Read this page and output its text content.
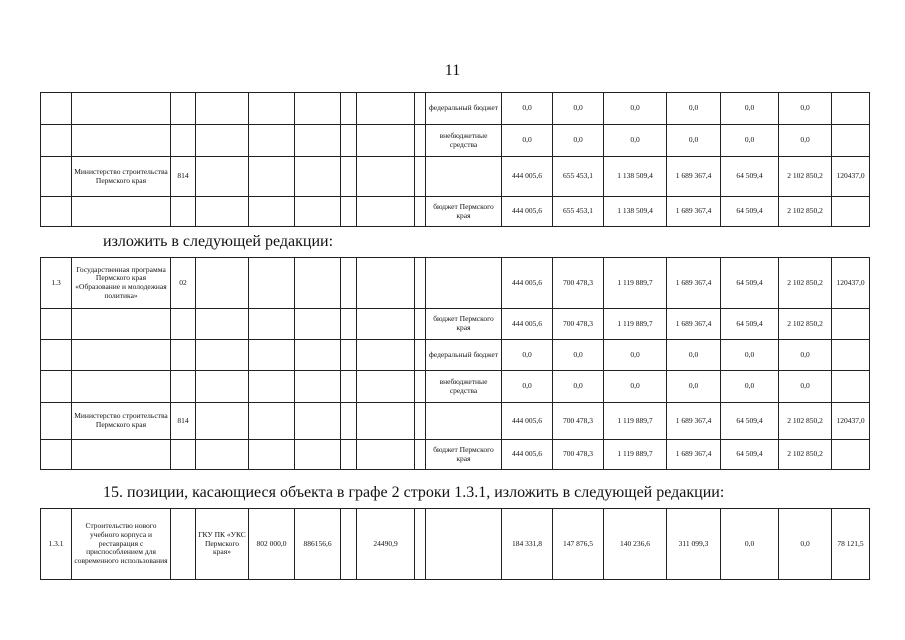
11
									федеральный бюджет	0,0	0,0	0,0	0,0	0,0	0,0	
									внебюджетные средства	0,0	0,0	0,0	0,0	0,0	0,0	
	Министерство строительства Пермского края	814								444 005,6	655 453,1	1 138 509,4	1 689 367,4	64 509,4	2 102 850,2	120437,0
									бюджет Пермского края	444 005,6	655 453,1	1 138 509,4	1 689 367,4	64 509,4	2 102 850,2	
изложить в следующей редакции:
1.3	Государственная программа Пермского края «Образование и молодежная политика»	02								444 005,6	700 478,3	1 119 889,7	1 689 367,4	64 509,4	2 102 850,2	120437,0
									бюджет Пермского края	444 005,6	700 478,3	1 119 889,7	1 689 367,4	64 509,4	2 102 850,2	
									федеральный бюджет	0,0	0,0	0,0	0,0	0,0	0,0	
									внебюджетные средства	0,0	0,0	0,0	0,0	0,0	0,0	
	Министерство строительства Пермского края	814								444 005,6	700 478,3	1 119 889,7	1 689 367,4	64 509,4	2 102 850,2	120437,0
									бюджет Пермского края	444 005,6	700 478,3	1 119 889,7	1 689 367,4	64 509,4	2 102 850,2	
15. позиции, касающиеся объекта в графе 2 строки 1.3.1, изложить в следующей редакции:
1.3.1	Строительство нового учебного корпуса и реставрация с приспособлением для современного использования		ГКУ ПК «УКС Пермского края»	802 000,0	886156,6		24490,9			184 331,8	147 876,5	140 236,6	311 099,3	0,0	0,0	78 121,5
